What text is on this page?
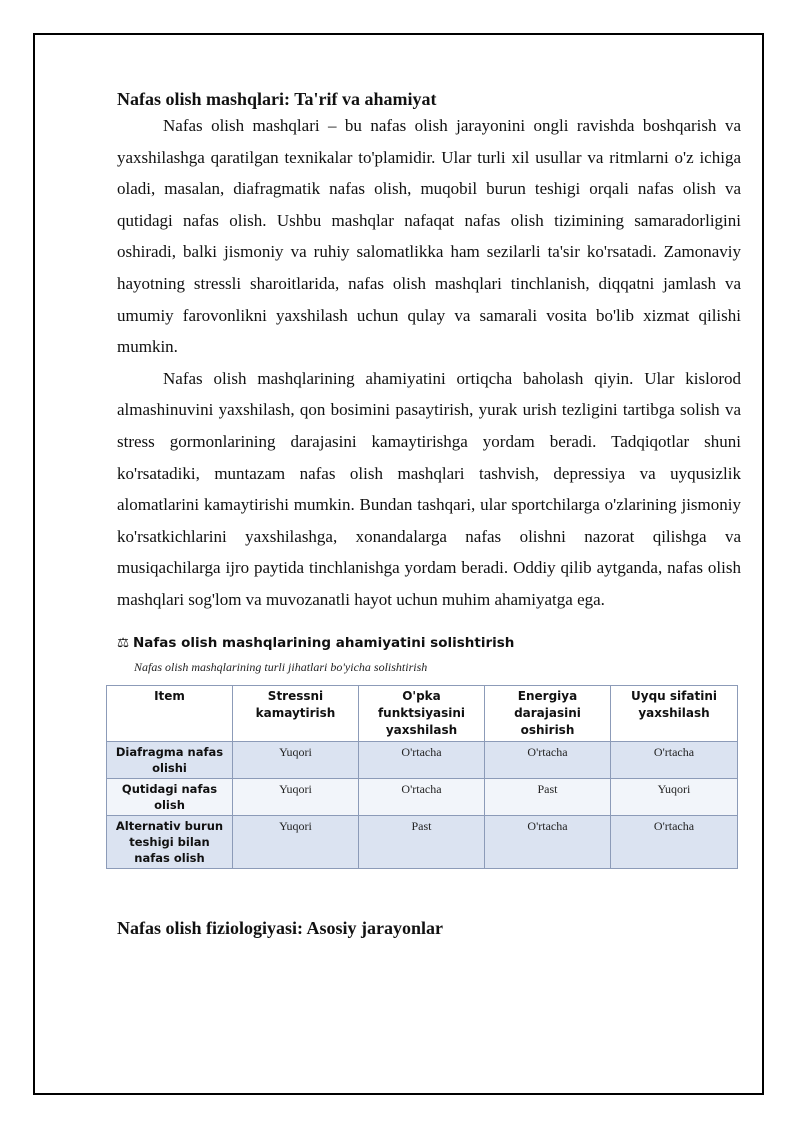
Nafas olish mashqlari: Ta'rif va ahamiyat

Nafas olish mashqlari – bu nafas olish jarayonini ongli ravishda boshqarish va yaxshilashga qaratilgan texnikalar to'plamidir. Ular turli xil usullar va ritmlarni o'z ichiga oladi, masalan, diafragmatik nafas olish, muqobil burun teshigi orqali nafas olish va qutidagi nafas olish. Ushbu mashqlar nafaqat nafas olish tizimining samaradorligini oshiradi, balki jismoniy va ruhiy salomatlikka ham sezilarli ta'sir ko'rsatadi. Zamonaviy hayotning stressli sharoitlarida, nafas olish mashqlari tinchlanish, diqqatni jamlash va umumiy farovonlikni yaxshilash uchun qulay va samarali vosita bo'lib xizmat qilishi mumkin.

Nafas olish mashqlarining ahamiyatini ortiqcha baholash qiyin. Ular kislorod almashinuvini yaxshilash, qon bosimini pasaytirish, yurak urish tezligini tartibga solish va stress gormonlarining darajasini kamaytirishga yordam beradi. Tadqiqotlar shuni ko'rsatadiki, muntazam nafas olish mashqlari tashvish, depressiya va uyqusizlik alomatlarini kamaytirishi mumkin. Bundan tashqari, ular sportchilarga o'zlarining jismoniy ko'rsatkichlarini yaxshilashga, xonandalarga nafas olishni nazorat qilishga va musiqachilarga ijro paytida tinchlanishga yordam beradi. Oddiy qilib aytganda, nafas olish mashqlari sog'lom va muvozanatli hayot uchun muhim ahamiyatga ega.

⚖ Nafas olish mashqlarining ahamiyatini solishtirish
Nafas olish mashqlarining turli jihatlari bo'yicha solishtirish
Item	Stressni kamaytirish	O'pka funktsiyasini yaxshilash	Energiya darajasini oshirish	Uyqu sifatini yaxshilash
Diafragma nafas olishi	Yuqori	O'rtacha	O'rtacha	O'rtacha
Qutidagi nafas olish	Yuqori	O'rtacha	Past	Yuqori
Alternativ burun teshigi bilan nafas olish	Yuqori	Past	O'rtacha	O'rtacha
Nafas olish fiziologiyasi: Asosiy jarayonlar
